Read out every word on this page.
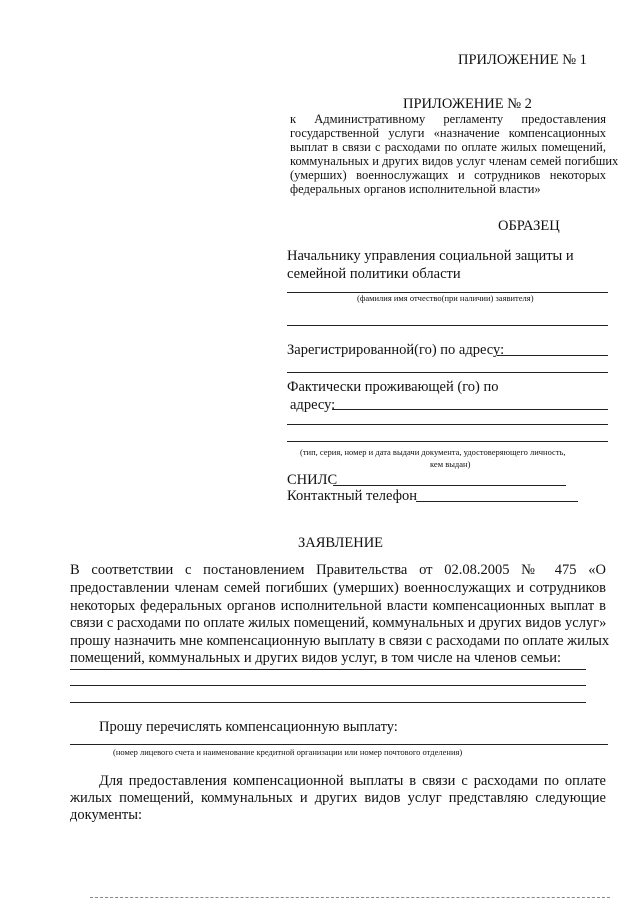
ПРИЛОЖЕНИЕ № 1
ПРИЛОЖЕНИЕ № 2
к Административному регламенту предоставления
государственной услуги «назначение компенсационных
выплат в связи с расходами по оплате жилых помещений,
коммунальных и других видов услуг членам семей погибших
(умерших) военнослужащих и сотрудников некоторых
федеральных органов исполнительной власти»
ОБРАЗЕЦ
Начальнику управления социальной защиты и
семейной политики области
(фамилия имя отчество(при наличии) заявителя)
Зарегистрированной(го) по адресу:
Фактически проживающей (го) по
адресу:
(тип, серия, номер и дата выдачи документа, удостоверяющего личность,
кем выдан)
СНИЛС
Контактный телефон
ЗАЯВЛЕНИЕ
В соответствии с постановлением Правительства от 02.08.2005 № 475 «О
предоставлении членам семей погибших (умерших) военнослужащих и сотрудников
некоторых федеральных органов исполнительной власти компенсационных выплат в
связи с расходами по оплате жилых помещений, коммунальных и других видов услуг»
прошу назначить мне компенсационную выплату в связи с расходами по оплате жилых
помещений, коммунальных и других видов услуг, в том числе на членов семьи:
Прошу перечислять компенсационную выплату:
(номер лицевого счета и наименование кредитной организации или номер почтового отделения)
Для предоставления компенсационной выплаты в связи с расходами по оплате
жилых помещений, коммунальных и других видов услуг представляю следующие
документы:
